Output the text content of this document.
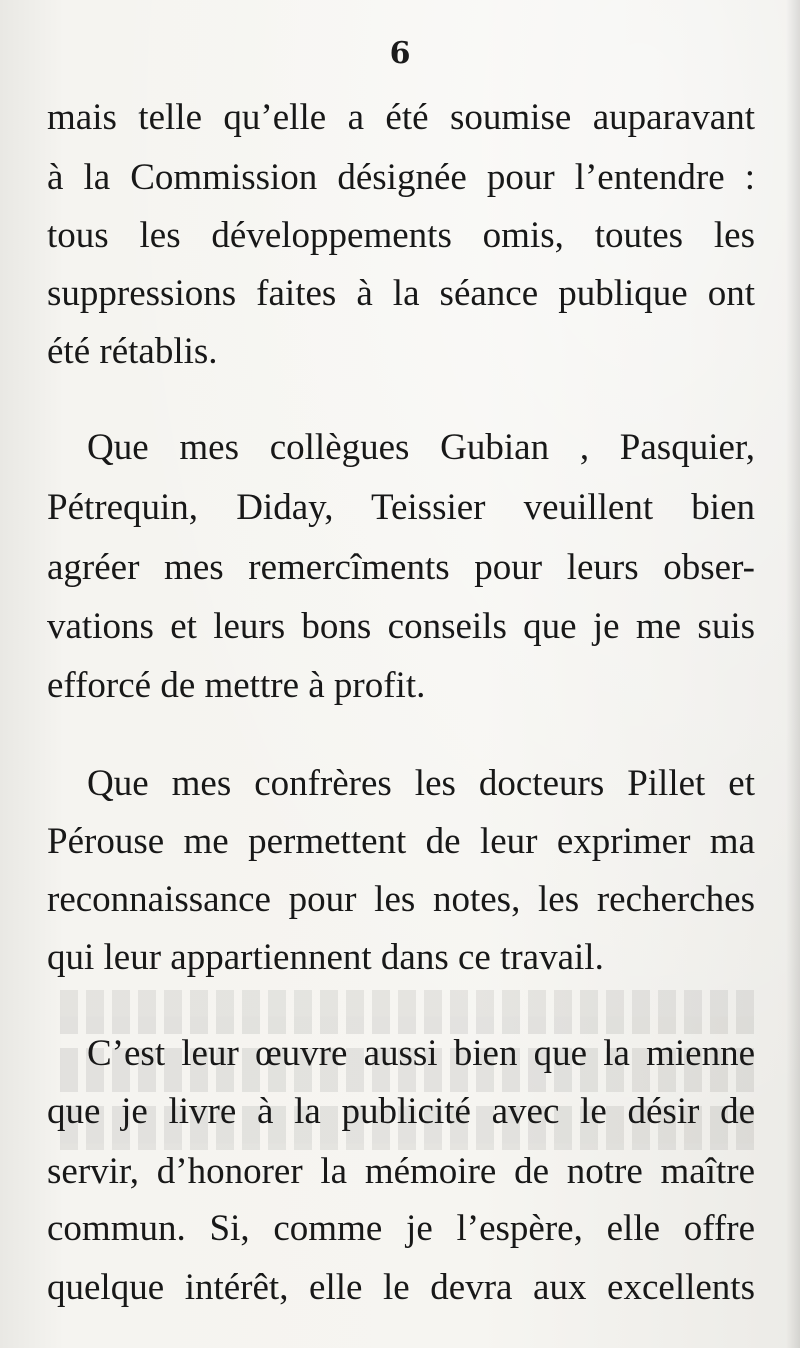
6
mais telle qu’elle a été soumise auparavant
à la Commission désignée pour l’entendre :
tous les développements omis, toutes les
suppressions faites à la séance publique ont
été rétablis.
Que mes collègues Gubian , Pasquier,
Pétrequin, Diday, Teissier veuillent bien
agréer mes remercîments pour leurs obser-
vations et leurs bons conseils que je me suis
efforcé de mettre à profit.
Que mes confrères les docteurs Pillet et
Pérouse me permettent de leur exprimer ma
reconnaissance pour les notes, les recherches
qui leur appartiennent dans ce travail.
C’est leur œuvre aussi bien que la mienne
que je livre à la publicité avec le désir de
servir, d’honorer la mémoire de notre maître
commun. Si, comme je l’espère, elle offre
quelque intérêt, elle le devra aux excellents
